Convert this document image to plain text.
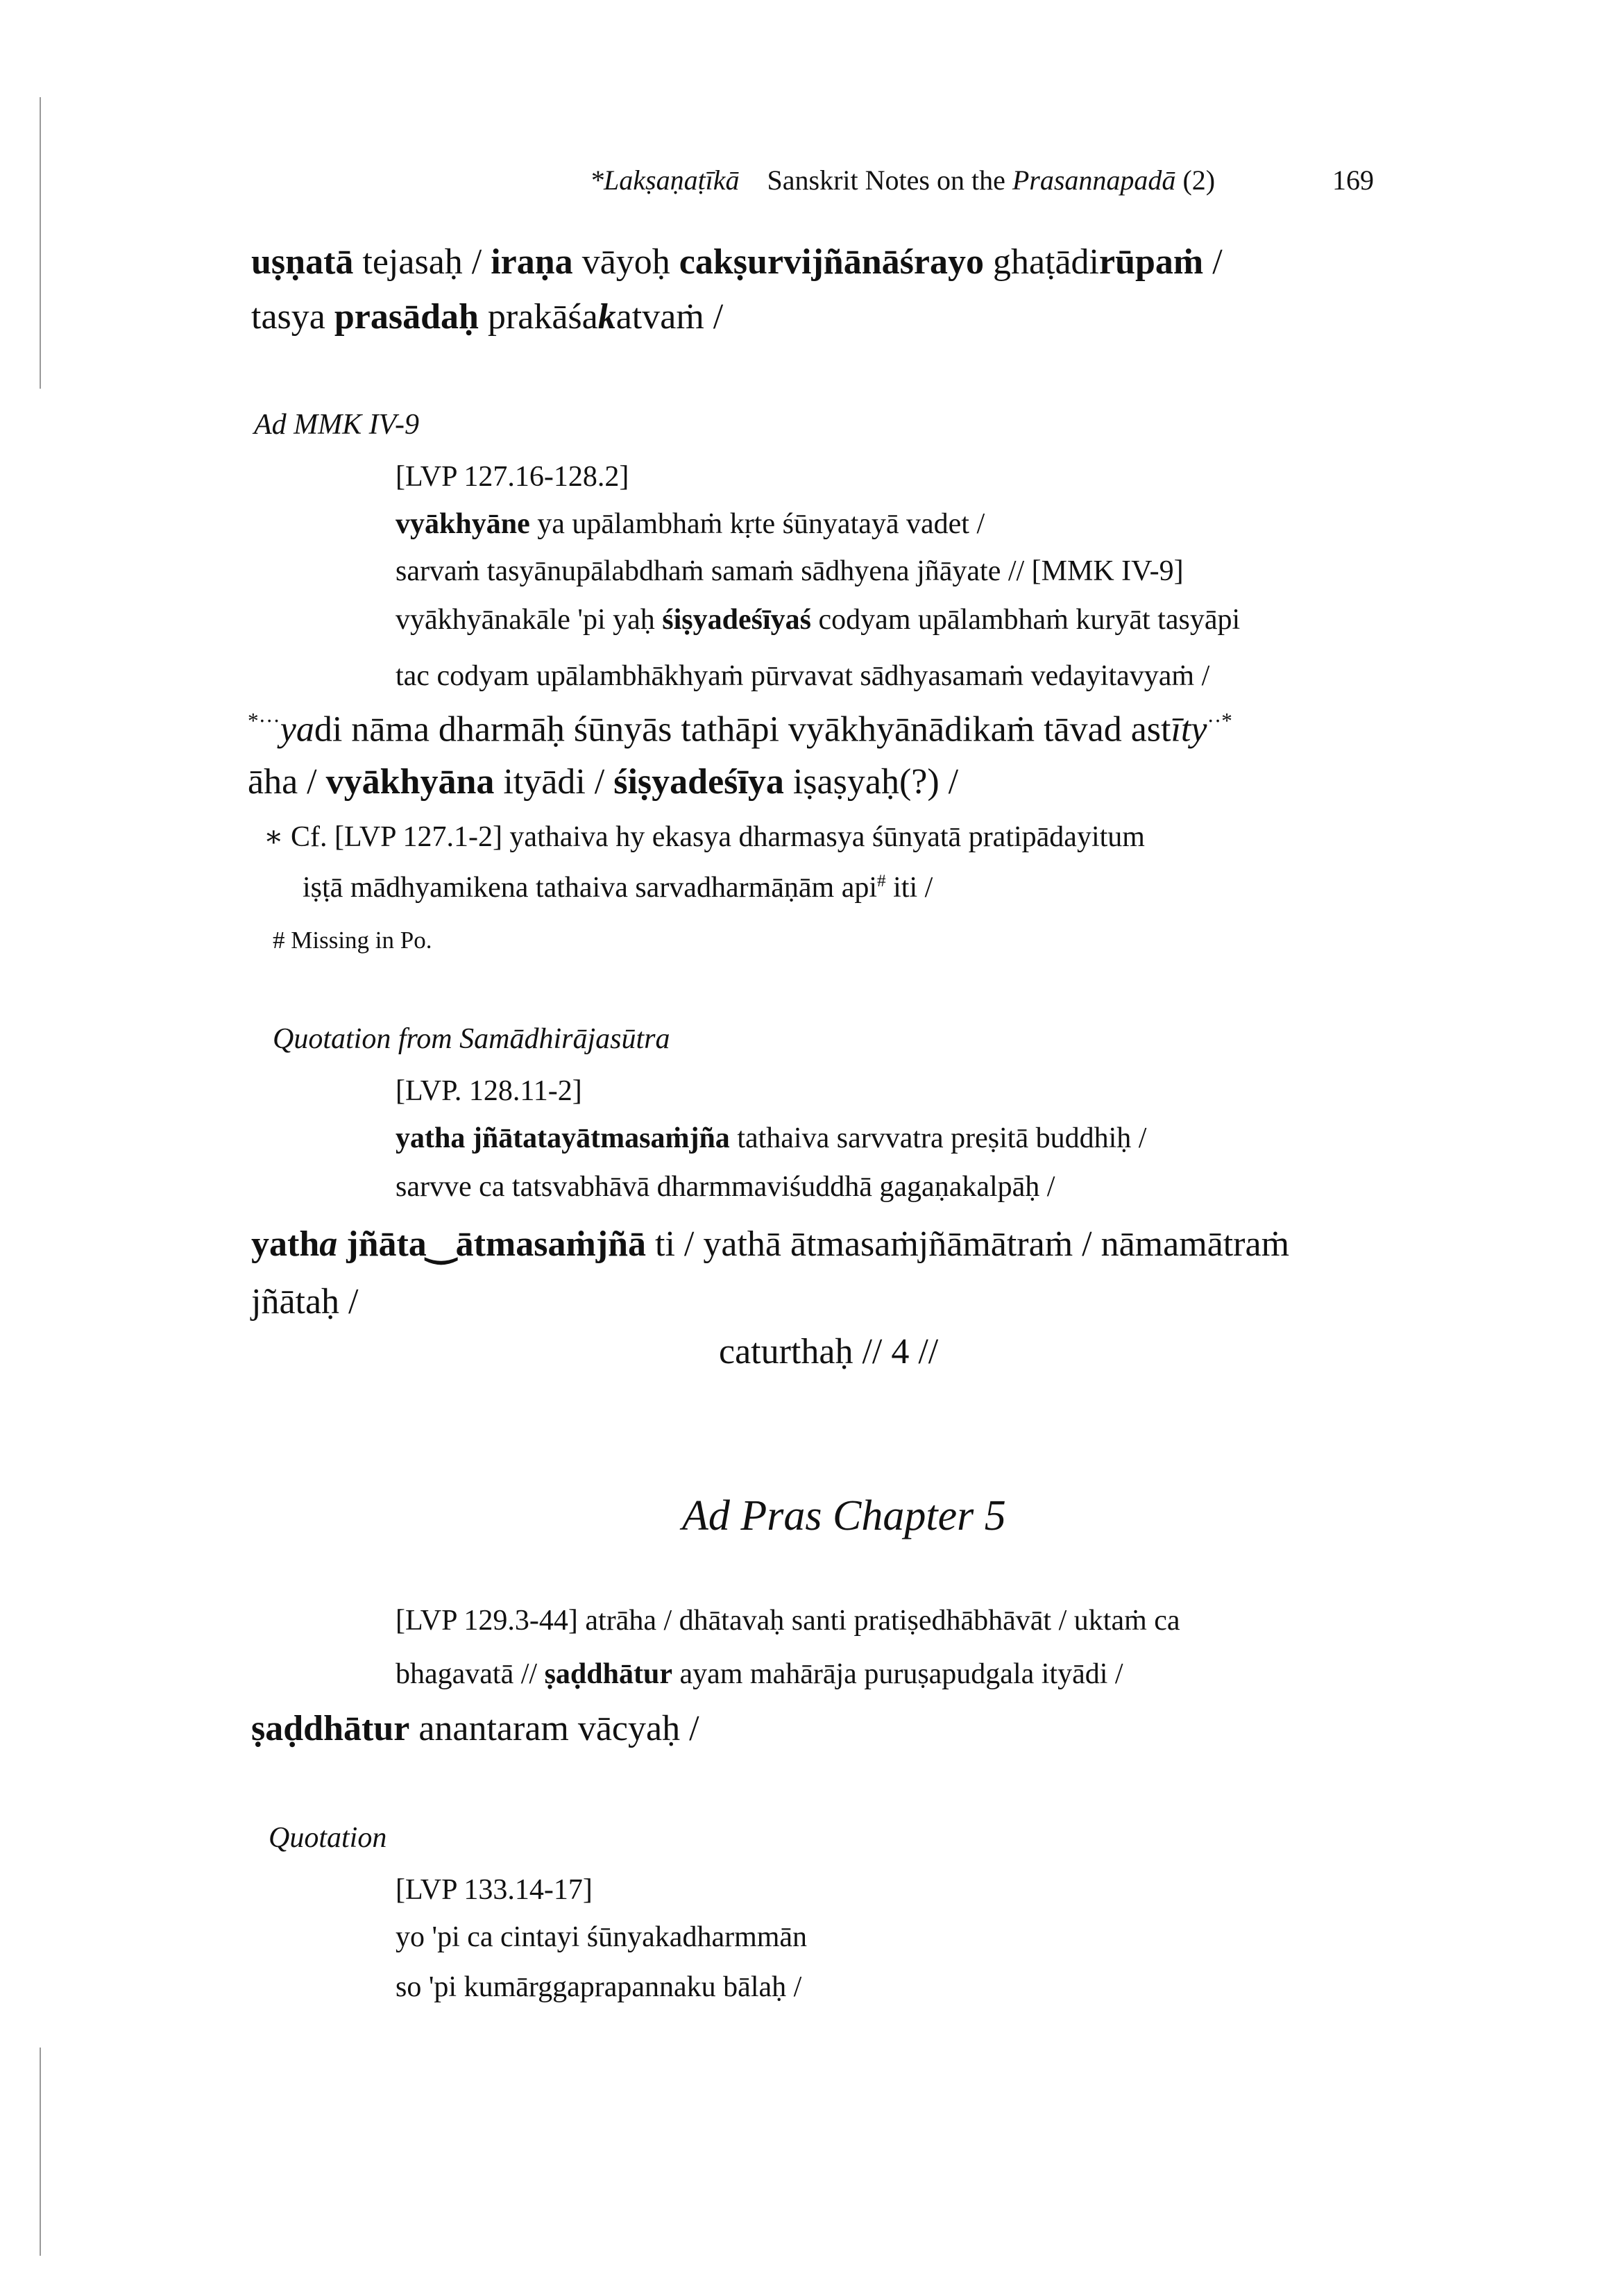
*Lakṣaṇaṭīkā    Sanskrit Notes on the Prasannapadā (2)	169
uṣṇatā tejasaḥ / iraṇa vāyoḥ cakṣurvijñānāśrayo ghaṭādirūpaṁ /
tasya prasādaḥ prakāśakatvaṁ /
Ad MMK IV-9
[LVP 127.16-128.2]
vyākhyāne ya upālambhaṁ kṛte śūnyatayā vadet /
sarvaṁ tasyānupālabdhaṁ samaṁ sādhyena jñāyate // [MMK IV-9]
vyākhyānakāle 'pi yaḥ śiṣyadeśīyaś codyam upālambhaṁ kuryāt tasyāpi
tac codyam upālambhākhyaṁ pūrvavat sādhyasamaṁ vedayitavyaṁ /
*···yadi nāma dharmāḥ śūnyās tathāpi vyākhyānādikaṁ tāvad astīty··*
āha / vyākhyāna ityādi / śiṣyadeśīya iṣaṣyaḥ(?) /
∗ Cf. [LVP 127.1-2] yathaiva hy ekasya dharmasya śūnyatā pratipādayitum
iṣṭā mādhyamikena tathaiva sarvadharmāṇām api# iti /
# Missing in Po.
Quotation from Samādhirājasūtra
[LVP. 128.11-2]
yatha jñātatayātmasaṁjña tathaiva sarvvatra preṣitā buddhiḥ /
sarvve ca tatsvabhāvā dharmmaviśuddhā gagaṇakalpāḥ /
yatha jñāta‿ātmasaṁjñā ti / yathā ātmasaṁjñāmātraṁ / nāmamātraṁ
jñātaḥ /
caturthaḥ // 4 //
Ad Pras Chapter 5
[LVP 129.3-44] atrāha / dhātavaḥ santi pratiṣedhābhāvāt / uktaṁ ca
bhagavatā // ṣaḍdhātur ayam mahārāja puruṣapudgala ityādi /
ṣaḍdhātur anantaram vācyaḥ /
Quotation
[LVP 133.14-17]
yo 'pi ca cintayi śūnyakadharmmān
so 'pi kumārggaprapannaku bālaḥ /
